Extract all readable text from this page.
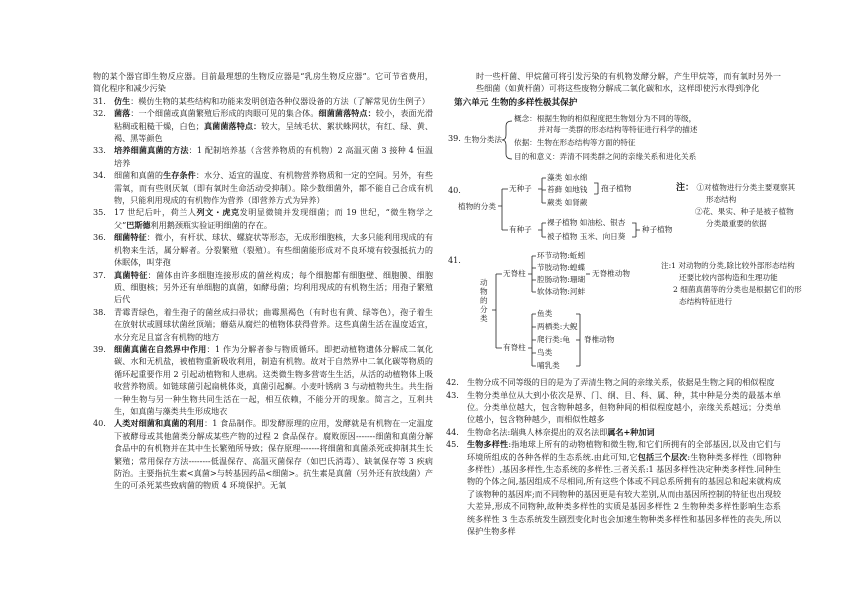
物的某个器官即生物反应器。目前最理想的生物反应器是“乳房生物反应器”。它可节省费用，简化程序和减少污染

31. 仿生：模仿生物的某些结构和功能来发明创造各种仪器设备的方法（了解常见仿生例子）

32. 菌落：一个细菌或真菌繁殖后形成的肉眼可见的集合体。细菌菌落特点：较小，表面光滑粘稠或粗糙干燥，白色；真菌菌落特点：较大，呈绒毛状、絮状蛛网状，有红、绿、黄、褐、黑等颜色

33. 培养细菌真菌的方法：1 配制培养基（含营养物质的有机物）2 高温灭菌 3 接种 4 恒温培养

34. 细菌和真菌的生存条件：水分、适宜的温度、有机物营养物质和一定的空间。另外，有些需氧，而有些则厌氧（即有氧时生命活动受抑制）。除少数细菌外，都不能自己合成有机物，只能利用现成的有机物作为营养（即营养方式为异养）

35. 17 世纪后叶，荷兰人列文・虎克发明显微镜并发现细菌；而 19 世纪，“微生物学之父”巴斯德利用鹅颈瓶实验证明细菌的存在。

36. 细菌特征：微小，有杆状、球状、螺旋状等形态，无成形细胞核，大多只能利用现成的有机物来生活，属分解者。分裂繁殖（裂殖）。有些细菌能形成对不良环境有较强抵抗力的休眠体，叫芽孢

37. 真菌特征：菌体由许多细胞连接形成的菌丝构成；每个细胞都有细胞壁、细胞膜、细胞质、细胞核；另外还有单细胞的真菌，如酵母菌；均利用现成的有机物生活；用孢子繁殖后代

38. 青霉青绿色，着生孢子的菌丝成扫帚状；曲霉黑褐色（有时也有黄、绿等色），孢子着生在放射状或圆球状菌丝顶端；蘑菇从腐烂的植物体获得营养。这些真菌生活在温度适宜，水分充足且富含有机物的地方

39. 细菌真菌在自然界中作用：1 作为分解者参与物质循环。即把动植物遗体分解成二氧化碳、水和无机盐，被植物重新吸收利用，制造有机物。故对于自然界中二氧化碳等物质的循环起重要作用 2 引起动植物和人患病。这类微生物多营寄生生活，从活的动植物体上吸收营养物质。如链球菌引起扁桃体炎，真菌引起癣。小麦叶锈病 3 与动植物共生。共生指一种生物与另一种生物共同生活在一起，相互依赖，不能分开的现象。简言之，互利共生，如真菌与藻类共生形成地衣

40. 人类对细菌和真菌的利用：1 食品制作。即发酵原理的应用，发酵就是有机物在一定温度下被酵母或其他菌类分解成某些产物的过程 2 食品保存。腐败原因-------细菌和真菌分解食品中的有机物并在其中生长繁殖所导致；保存原理-------将细菌和真菌杀死或抑制其生长繁殖；常用保存方法--------低温保存、高温灭菌保存（如巴氏消毒）、缺氧保存等 3 疾病防治。主要指抗生素<真菌>与转基因药品<细菌>。抗生素是真菌（另外还有放线菌）产生的可杀死某些致病菌的物质 4 环境保护。无氧

时一些杆菌、甲烷菌可将引发污染的有机物发酵分解，产生甲烷等，而有氧时另外一些细菌（如黄杆菌）可将这些废物分解成二氧化碳和水，这样即使污水得到净化

第六单元 生物的多样性极其保护
39. 生物分类法
概念：根据生物的相似程度把生物划分为不同的等级，
并对每一类群的形态结构等特征进行科学的描述
依据：生物在形态结构等方面的特征
目的和意义：弄清不同类群之间的亲缘关系和进化关系
40.
植物的分类
无种子
藻类 如水绵
苔藓 如地钱
蕨类 如肾蕨
孢子植物
有种子
裸子植物 如油松、银杏
被子植物 玉米、向日葵
种子植物
注： ①对植物进行分类主要观察其
形态结构
②花、果实、种子是被子植物
分类最重要的依据
41.
动物的分类
无脊柱
环节动物:蚯蚓
节肢动物:蝗蝶
腔肠动物:珊瑚
软体动物:河蚌
无脊椎动物
有脊柱
鱼类
两栖类:大鲵
爬行类:龟
鸟类
哺乳类
脊椎动物
注:1 对动物的分类,除比较外部形态结构
还要比较内部构造和生理功能
2 细菌真菌等的分类也是根据它们的形
态结构特征进行

42. 生物分成不同等级的目的是为了弄清生物之间的亲缘关系，依据是生物之间的相似程度

43. 生物分类单位从大到小依次是界、门、纲、目、科、属、种，其中种是分类的最基本单位。分类单位越大，包含物种越多，但物种间的相似程度越小，亲缘关系越远；分类单位越小，包含物种越少，而相似性越多

44. 生物命名法:瑞典人林奈提出的双名法即属名+种加词

45. 生物多样性:指地球上所有的动物植物和微生物,和它们所拥有的全部基因,以及由它们与环境所组成的各种各样的生态系统.由此可知,它包括三个层次:生物种类多样性（即物种多样性）,基因多样性,生态系统的多样性.三者关系:1 基因多样性决定种类多样性.同种生物的个体之间,基因组成不尽相同,所有这些个体或不同总系所拥有的基因总和起来就构成了该物种的基因库;而不同物种的基因更是有较大差别,从而由基因所控制的特征也出现较大差异,形成不同物种,故种类多样性的实质是基因多样性 2 生物种类多样性影响生态系统多样性 3 生态系统发生剧烈变化时也会加速生物种类多样性和基因多样性的丧失,所以保护生物多样
